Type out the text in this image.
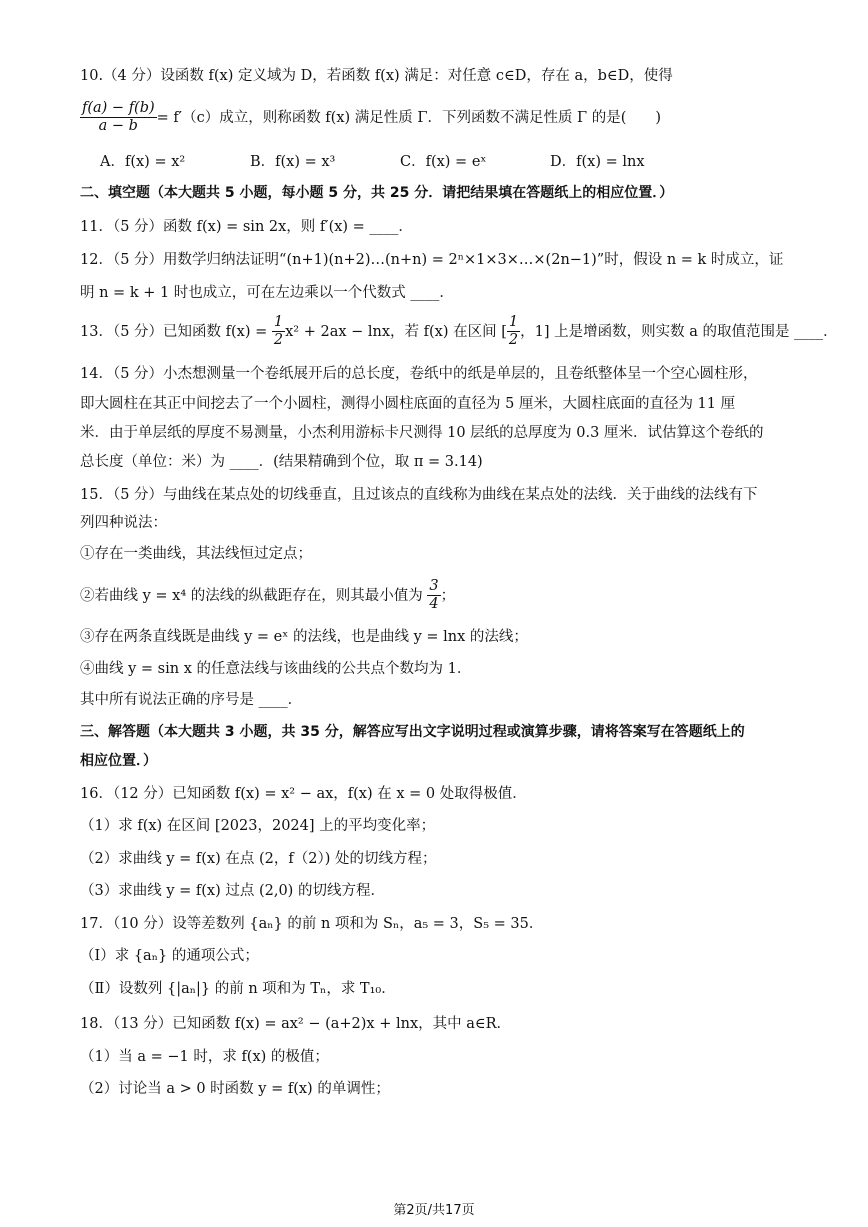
10.（4 分）设函数 f(x) 定义域为 D，若函数 f(x) 满足：对任意 c∈D，存在 a，b∈D，使得
$\frac{f(a) - f(b)}{a - b} = f'(c)$成立，则称函数 f(x) 满足性质 Γ．下列函数不满足性质 Γ 的是(　　)
A．f(x) = x²	B．f(x) = x³	C．f(x) = eˣ	D．f(x) = lnx
二、填空题（本大题共 5 小题，每小题 5 分，共 25 分．请把结果填在答题纸上的相应位置．）
11．（5 分）函数 f(x) = sin 2x，则 f′(x) = ____．
12．（5 分）用数学归纳法证明“(n+1)(n+2)…(n+n) = 2ⁿ×1×3×…×(2n−1)”时，假设 n = k 时成立，证
明 n = k + 1 时也成立，可在左边乘以一个代数式 ____．
13．（5 分）已知函数 $f(x) = \frac{1}{2} x^2 + 2ax - \ln x$，若 f(x) 在区间 [ $\frac{1}{2}$ ，1] 上是增函数，则实数 a 的取值范围是 ____．
14．（5 分）小杰想测量一个卷纸展开后的总长度，卷纸中的纸是单层的，且卷纸整体呈一个空心圆柱形，
即大圆柱在其正中间挖去了一个小圆柱，测得小圆柱底面的直径为 5 厘米，大圆柱底面的直径为 11 厘
米．由于单层纸的厚度不易测量，小杰利用游标卡尺测得 10 层纸的总厚度为 0.3 厘米．试估算这个卷纸的
总长度（单位：米）为 ____．(结果精确到个位，取 π = 3.14)
15．（5 分）与曲线在某点处的切线垂直，且过该点的直线称为曲线在某点处的法线．关于曲线的法线有下
列四种说法：
①存在一类曲线，其法线恒过定点；
②若曲线 y = x⁴ 的法线的纵截距存在，则其最小值为 $\frac{3}{4}$ ；
③存在两条直线既是曲线 y = eˣ 的法线，也是曲线 y = lnx 的法线；
④曲线 y = sin x 的任意法线与该曲线的公共点个数均为 1．
其中所有说法正确的序号是 ____．
三、解答题（本大题共 3 小题，共 35 分，解答应写出文字说明过程或演算步骤，请将答案写在答题纸上的
相应位置．）
16．（12 分）已知函数 f(x) = x² − ax，f(x) 在 x = 0 处取得极值．
（1）求 f(x) 在区间 [2023，2024] 上的平均变化率；
（2）求曲线 y = f(x) 在点 (2，f（2）) 处的切线方程；
（3）求曲线 y = f(x) 过点 (2,0) 的切线方程．
17．（10 分）设等差数列 {aₙ} 的前 n 项和为 Sₙ，a₅ = 3，S₅ = 35．
（Ⅰ）求 {aₙ} 的通项公式；
（Ⅱ）设数列 {|aₙ|} 的前 n 项和为 Tₙ，求 T₁₀．
18．（13 分）已知函数 f(x) = ax² − (a+2)x + lnx，其中 a∈R．
（1）当 a = −1 时，求 f(x) 的极值；
（2）讨论当 a > 0 时函数 y = f(x) 的单调性；
第2页/共17页
